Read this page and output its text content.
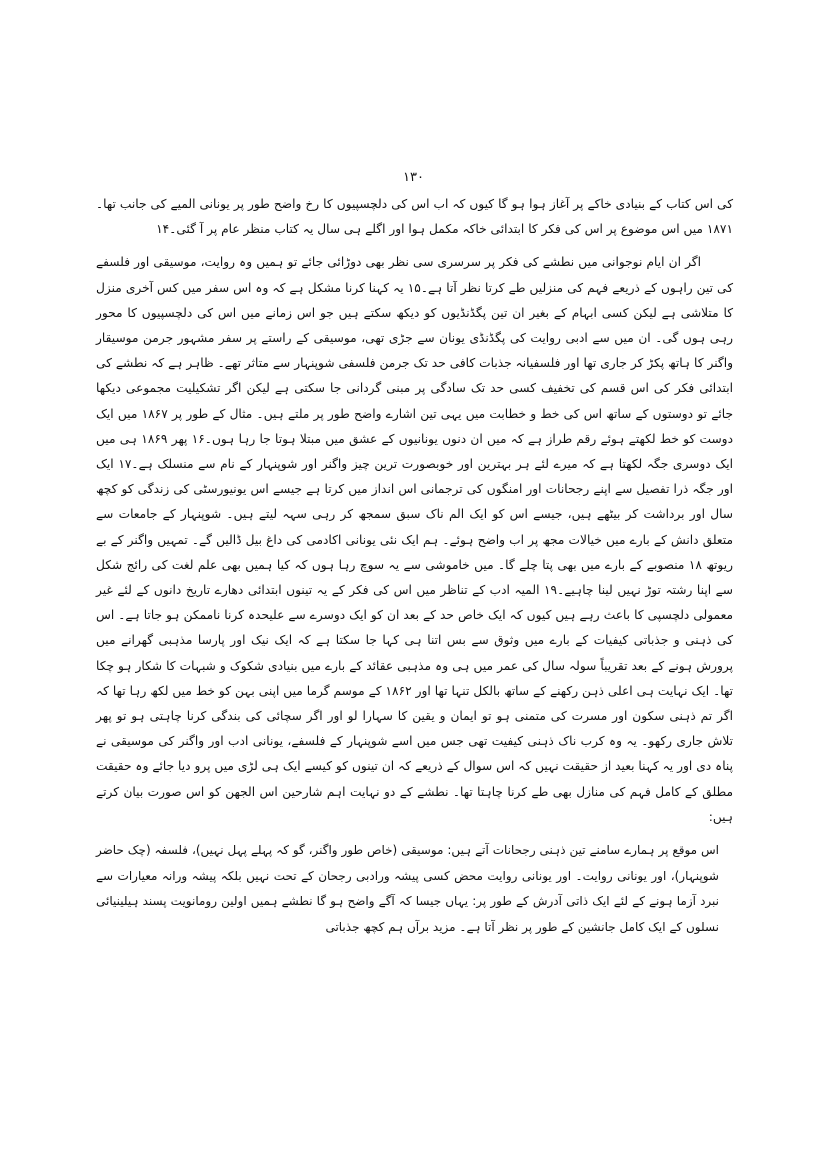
۱۳۰

کی اس کتاب کے بنیادی خاکے پر آغاز ہوا ہو گا کیوں کہ اب اس کی دلچسپیوں کا رخ واضح طور پر یونانی المیے کی جانب تھا۔۱۸۷۱ میں اس موضوع پر اس کی فکر کا ابتدائی خاکہ مکمل ہوا اور اگلے ہی سال یہ کتاب منظر عام پر آ گئی۔۱۴

اگر ان ایام نوجوانی میں نطشے کی فکر پر سرسری سی نظر بھی دوڑائی جائے تو ہمیں وہ روایت، موسیقی اور فلسفے کی تین راہوں کے ذریعے فہم کی منزلیں طے کرتا نظر آتا ہے۔۱۵ یہ کہنا کرنا مشکل ہے کہ وہ اس سفر میں کس آخری منزل کا متلاشی ہے لیکن کسی ابہام کے بغیر ان تین پگڈنڈیوں کو دیکھ سکتے ہیں جو اس زمانے میں اس کی دلچسپیوں کا محور رہی ہوں گی۔ ان میں سے ادبی روایت کی پگڈنڈی یونان سے جڑی تھی، موسیقی کے راستے پر سفر مشہور جرمن موسیقار واگنر کا ہاتھ پکڑ کر جاری تھا اور فلسفیانہ جذبات کافی حد تک جرمن فلسفی شوپنہار سے متاثر تھے۔ ظاہر ہے کہ نطشے کی ابتدائی فکر کی اس قسم کی تخفیف کسی حد تک سادگی پر مبنی گردانی جا سکتی ہے لیکن اگر تشکیلیت مجموعی دیکھا جائے تو دوستوں کے ساتھ اس کی خط و خطابت میں یہی تین اشارے واضح طور پر ملتے ہیں۔ مثال کے طور پر ۱۸۶۷ میں ایک دوست کو خط لکھتے ہوئے رقم طراز ہے کہ میں ان دنوں یونانیوں کے عشق میں مبتلا ہوتا جا رہا ہوں۔۱۶ پھر ۱۸۶۹ ہی میں ایک دوسری جگہ لکھتا ہے کہ میرے لئے ہر بہترین اور خوبصورت ترین چیز واگنر اور شوپنہار کے نام سے منسلک ہے۔۱۷ ایک اور جگہ ذرا تفصیل سے اپنے رجحانات اور امنگوں کی ترجمانی اس انداز میں کرتا ہے جیسے اس یونیورسٹی کی زندگی کو کچھ سال اور برداشت کر بیٹھے ہیں، جیسے اس کو ایک الم ناک سبق سمجھ کر رہی سہہ لیتے ہیں۔ شوپنہار کے جامعات سے متعلق دانش کے بارے میں خیالات مجھ پر اب واضح ہوئے۔ ہم ایک نئی یونانی اکادمی کی داغ بیل ڈالیں گے۔ تمہیں واگنر کے بے ریوتھ ۱۸ منصوبے کے بارے میں بھی پتا چلے گا۔ میں خاموشی سے یہ سوچ رہا ہوں کہ کیا ہمیں بھی علم لغت کی رائج شکل سے اپنا رشتہ توڑ نہیں لینا چاہیے۔۱۹ المیہ ادب کے تناظر میں اس کی فکر کے یہ تینوں ابتدائی دھارے تاریخ دانوں کے لئے غیر معمولی دلچسپی کا باعث رہے ہیں کیوں کہ ایک خاص حد کے بعد ان کو ایک دوسرے سے علیحدہ کرنا ناممکن ہو جاتا ہے۔ اس کی ذہنی و جذباتی کیفیات کے بارے میں وثوق سے بس اتنا ہی کہا جا سکتا ہے کہ ایک نیک اور پارسا مذہبی گھرانے میں پرورش ہونے کے بعد تقریباً سولہ سال کی عمر میں ہی وہ مذہبی عقائد کے بارے میں بنیادی شکوک و شبہات کا شکار ہو چکا تھا۔ ایک نہایت ہی اعلی ذہن رکھنے کے ساتھ بالکل تنہا تھا اور ۱۸۶۲ کے موسم گرما میں اپنی بہن کو خط میں لکھ رہا تھا کہ اگر تم ذہنی سکون اور مسرت کی متمنی ہو تو ایمان و یقین کا سہارا لو اور اگر سچائی کی بندگی کرنا چاہتی ہو تو پھر تلاش جاری رکھو۔ یہ وہ کرب ناک ذہنی کیفیت تھی جس میں اسے شوپنہار کے فلسفے، یونانی ادب اور واگنر کی موسیقی نے پناہ دی اور یہ کہنا بعید از حقیقت نہیں کہ اس سوال کے ذریعے کہ ان تینوں کو کیسے ایک ہی لڑی میں پرو دیا جائے وہ حقیقت مطلق کے کامل فہم کی منازل بھی طے کرنا چاہتا تھا۔ نطشے کے دو نہایت اہم شارحین اس الجھن کو اس صورت بیان کرتے ہیں:

اس موقع پر ہمارے سامنے تین ذہنی رجحانات آتے ہیں: موسیقی (خاص طور واگنر، گو کہ پہلے پہل نہیں)، فلسفہ (چک حاضر شوپنہار)، اور یونانی روایت۔ اور یونانی روایت محض کسی پیشہ ورادبی رجحان کے تحت نہیں بلکہ پیشہ ورانہ معیارات سے نبرد آزما ہونے کے لئے ایک ذاتی آدرش کے طور پر: یہاں جیسا کہ آگے واضح ہو گا نطشے ہمیں اولین رومانویت پسند ہیلینیائی نسلوں کے ایک کامل جانشین کے طور پر نظر آتا ہے۔ مزید برآں ہم کچھ جذباتی
